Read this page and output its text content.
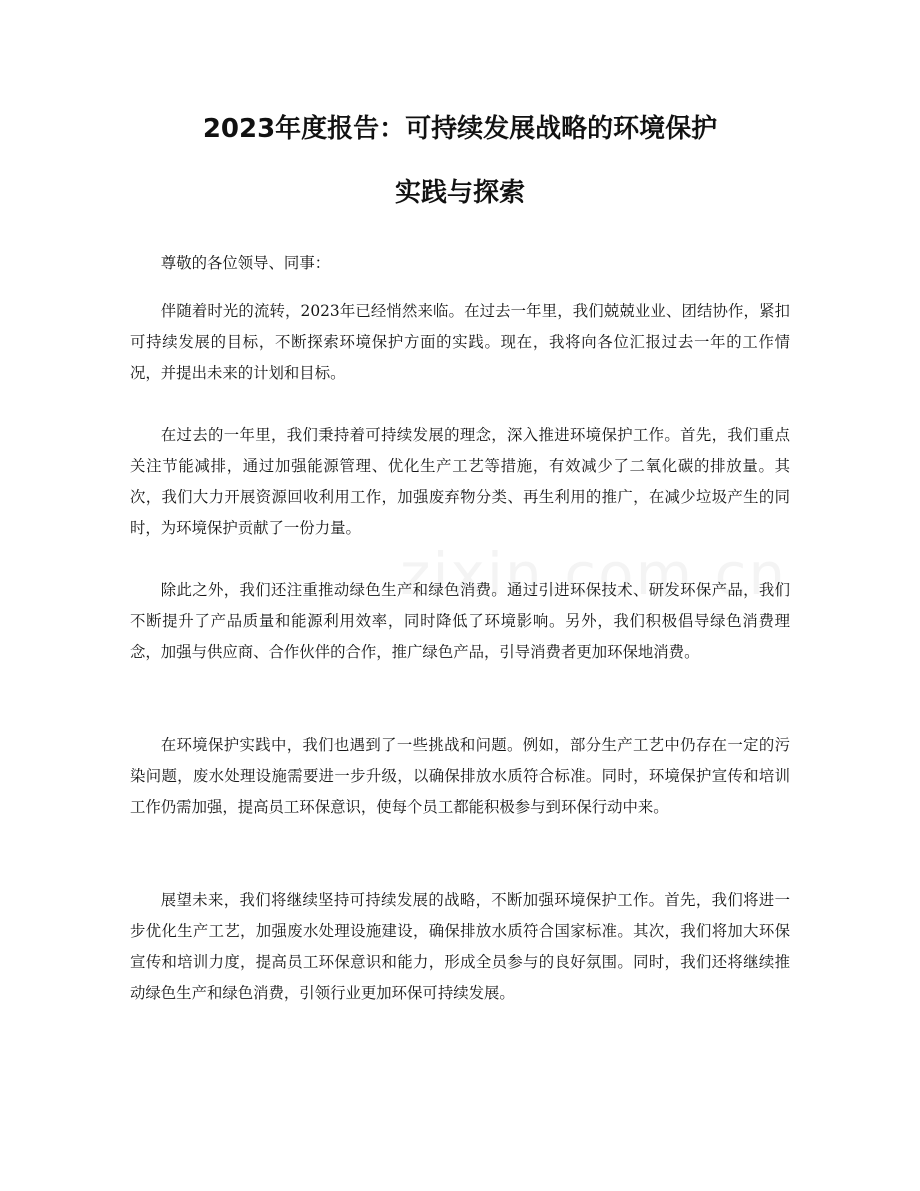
2023年度报告：可持续发展战略的环境保护
实践与探索

尊敬的各位领导、同事：

伴随着时光的流转，2023年已经悄然来临。在过去一年里，我们兢兢业业、团结协作，紧扣可持续发展的目标，不断探索环境保护方面的实践。现在，我将向各位汇报过去一年的工作情况，并提出未来的计划和目标。

在过去的一年里，我们秉持着可持续发展的理念，深入推进环境保护工作。首先，我们重点关注节能减排，通过加强能源管理、优化生产工艺等措施，有效减少了二氧化碳的排放量。其次，我们大力开展资源回收利用工作，加强废弃物分类、再生利用的推广，在减少垃圾产生的同时，为环境保护贡献了一份力量。

除此之外，我们还注重推动绿色生产和绿色消费。通过引进环保技术、研发环保产品，我们不断提升了产品质量和能源利用效率，同时降低了环境影响。另外，我们积极倡导绿色消费理念，加强与供应商、合作伙伴的合作，推广绿色产品，引导消费者更加环保地消费。

在环境保护实践中，我们也遇到了一些挑战和问题。例如，部分生产工艺中仍存在一定的污染问题，废水处理设施需要进一步升级，以确保排放水质符合标准。同时，环境保护宣传和培训工作仍需加强，提高员工环保意识，使每个员工都能积极参与到环保行动中来。

展望未来，我们将继续坚持可持续发展的战略，不断加强环境保护工作。首先，我们将进一步优化生产工艺，加强废水处理设施建设，确保排放水质符合国家标准。其次，我们将加大环保宣传和培训力度，提高员工环保意识和能力，形成全员参与的良好氛围。同时，我们还将继续推动绿色生产和绿色消费，引领行业更加环保可持续发展。
